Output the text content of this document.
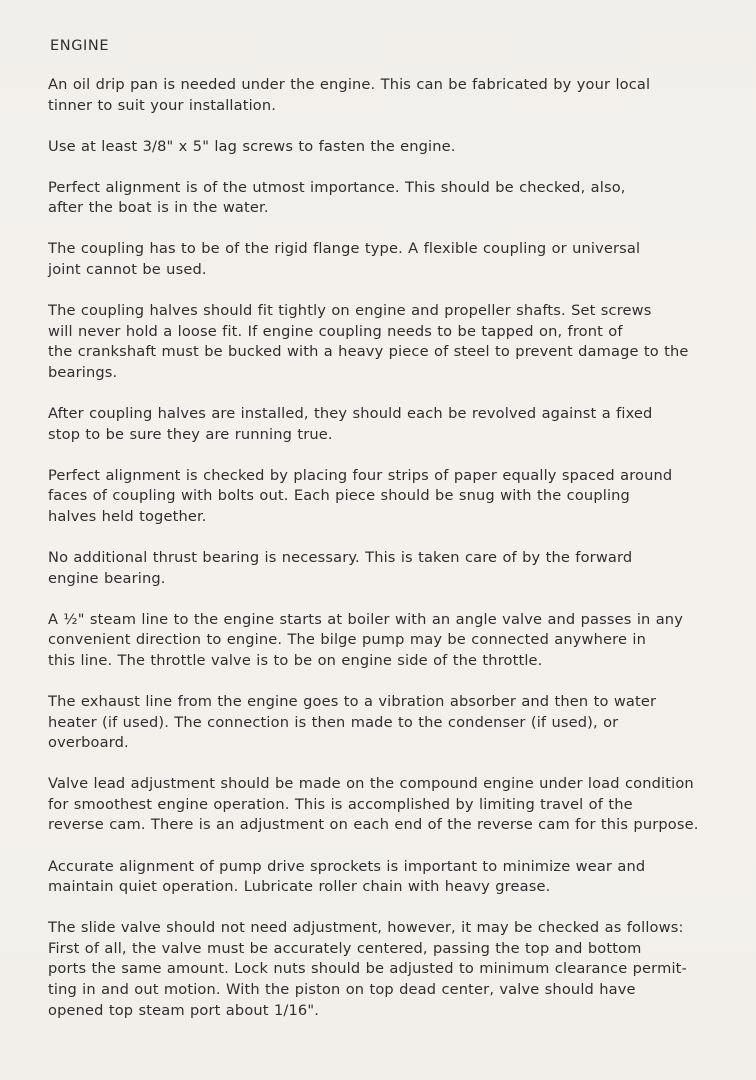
ENGINE
An oil drip pan is needed under the engine. This can be fabricated by your local
tinner to suit your installation.
Use at least 3/8" x 5" lag screws to fasten the engine.
Perfect alignment is of the utmost importance. This should be checked, also,
after the boat is in the water.
The coupling has to be of the rigid flange type. A flexible coupling or universal
joint cannot be used.
The coupling halves should fit tightly on engine and propeller shafts. Set screws
will never hold a loose fit. If engine coupling needs to be tapped on, front of
the crankshaft must be bucked with a heavy piece of steel to prevent damage to the
bearings.
After coupling halves are installed, they should each be revolved against a fixed
stop to be sure they are running true.
Perfect alignment is checked by placing four strips of paper equally spaced around
faces of coupling with bolts out. Each piece should be snug with the coupling
halves held together.
No additional thrust bearing is necessary. This is taken care of by the forward
engine bearing.
A ½" steam line to the engine starts at boiler with an angle valve and passes in any
convenient direction to engine. The bilge pump may be connected anywhere in
this line. The throttle valve is to be on engine side of the throttle.
The exhaust line from the engine goes to a vibration absorber and then to water
heater (if used). The connection is then made to the condenser (if used), or
overboard.
Valve lead adjustment should be made on the compound engine under load condition
for smoothest engine operation. This is accomplished by limiting travel of the
reverse cam. There is an adjustment on each end of the reverse cam for this purpose.
Accurate alignment of pump drive sprockets is important to minimize wear and
maintain quiet operation. Lubricate roller chain with heavy grease.
The slide valve should not need adjustment, however, it may be checked as follows:
First of all, the valve must be accurately centered, passing the top and bottom
ports the same amount. Lock nuts should be adjusted to minimum clearance permit-
ting in and out motion. With the piston on top dead center, valve should have
opened top steam port about 1/16".
